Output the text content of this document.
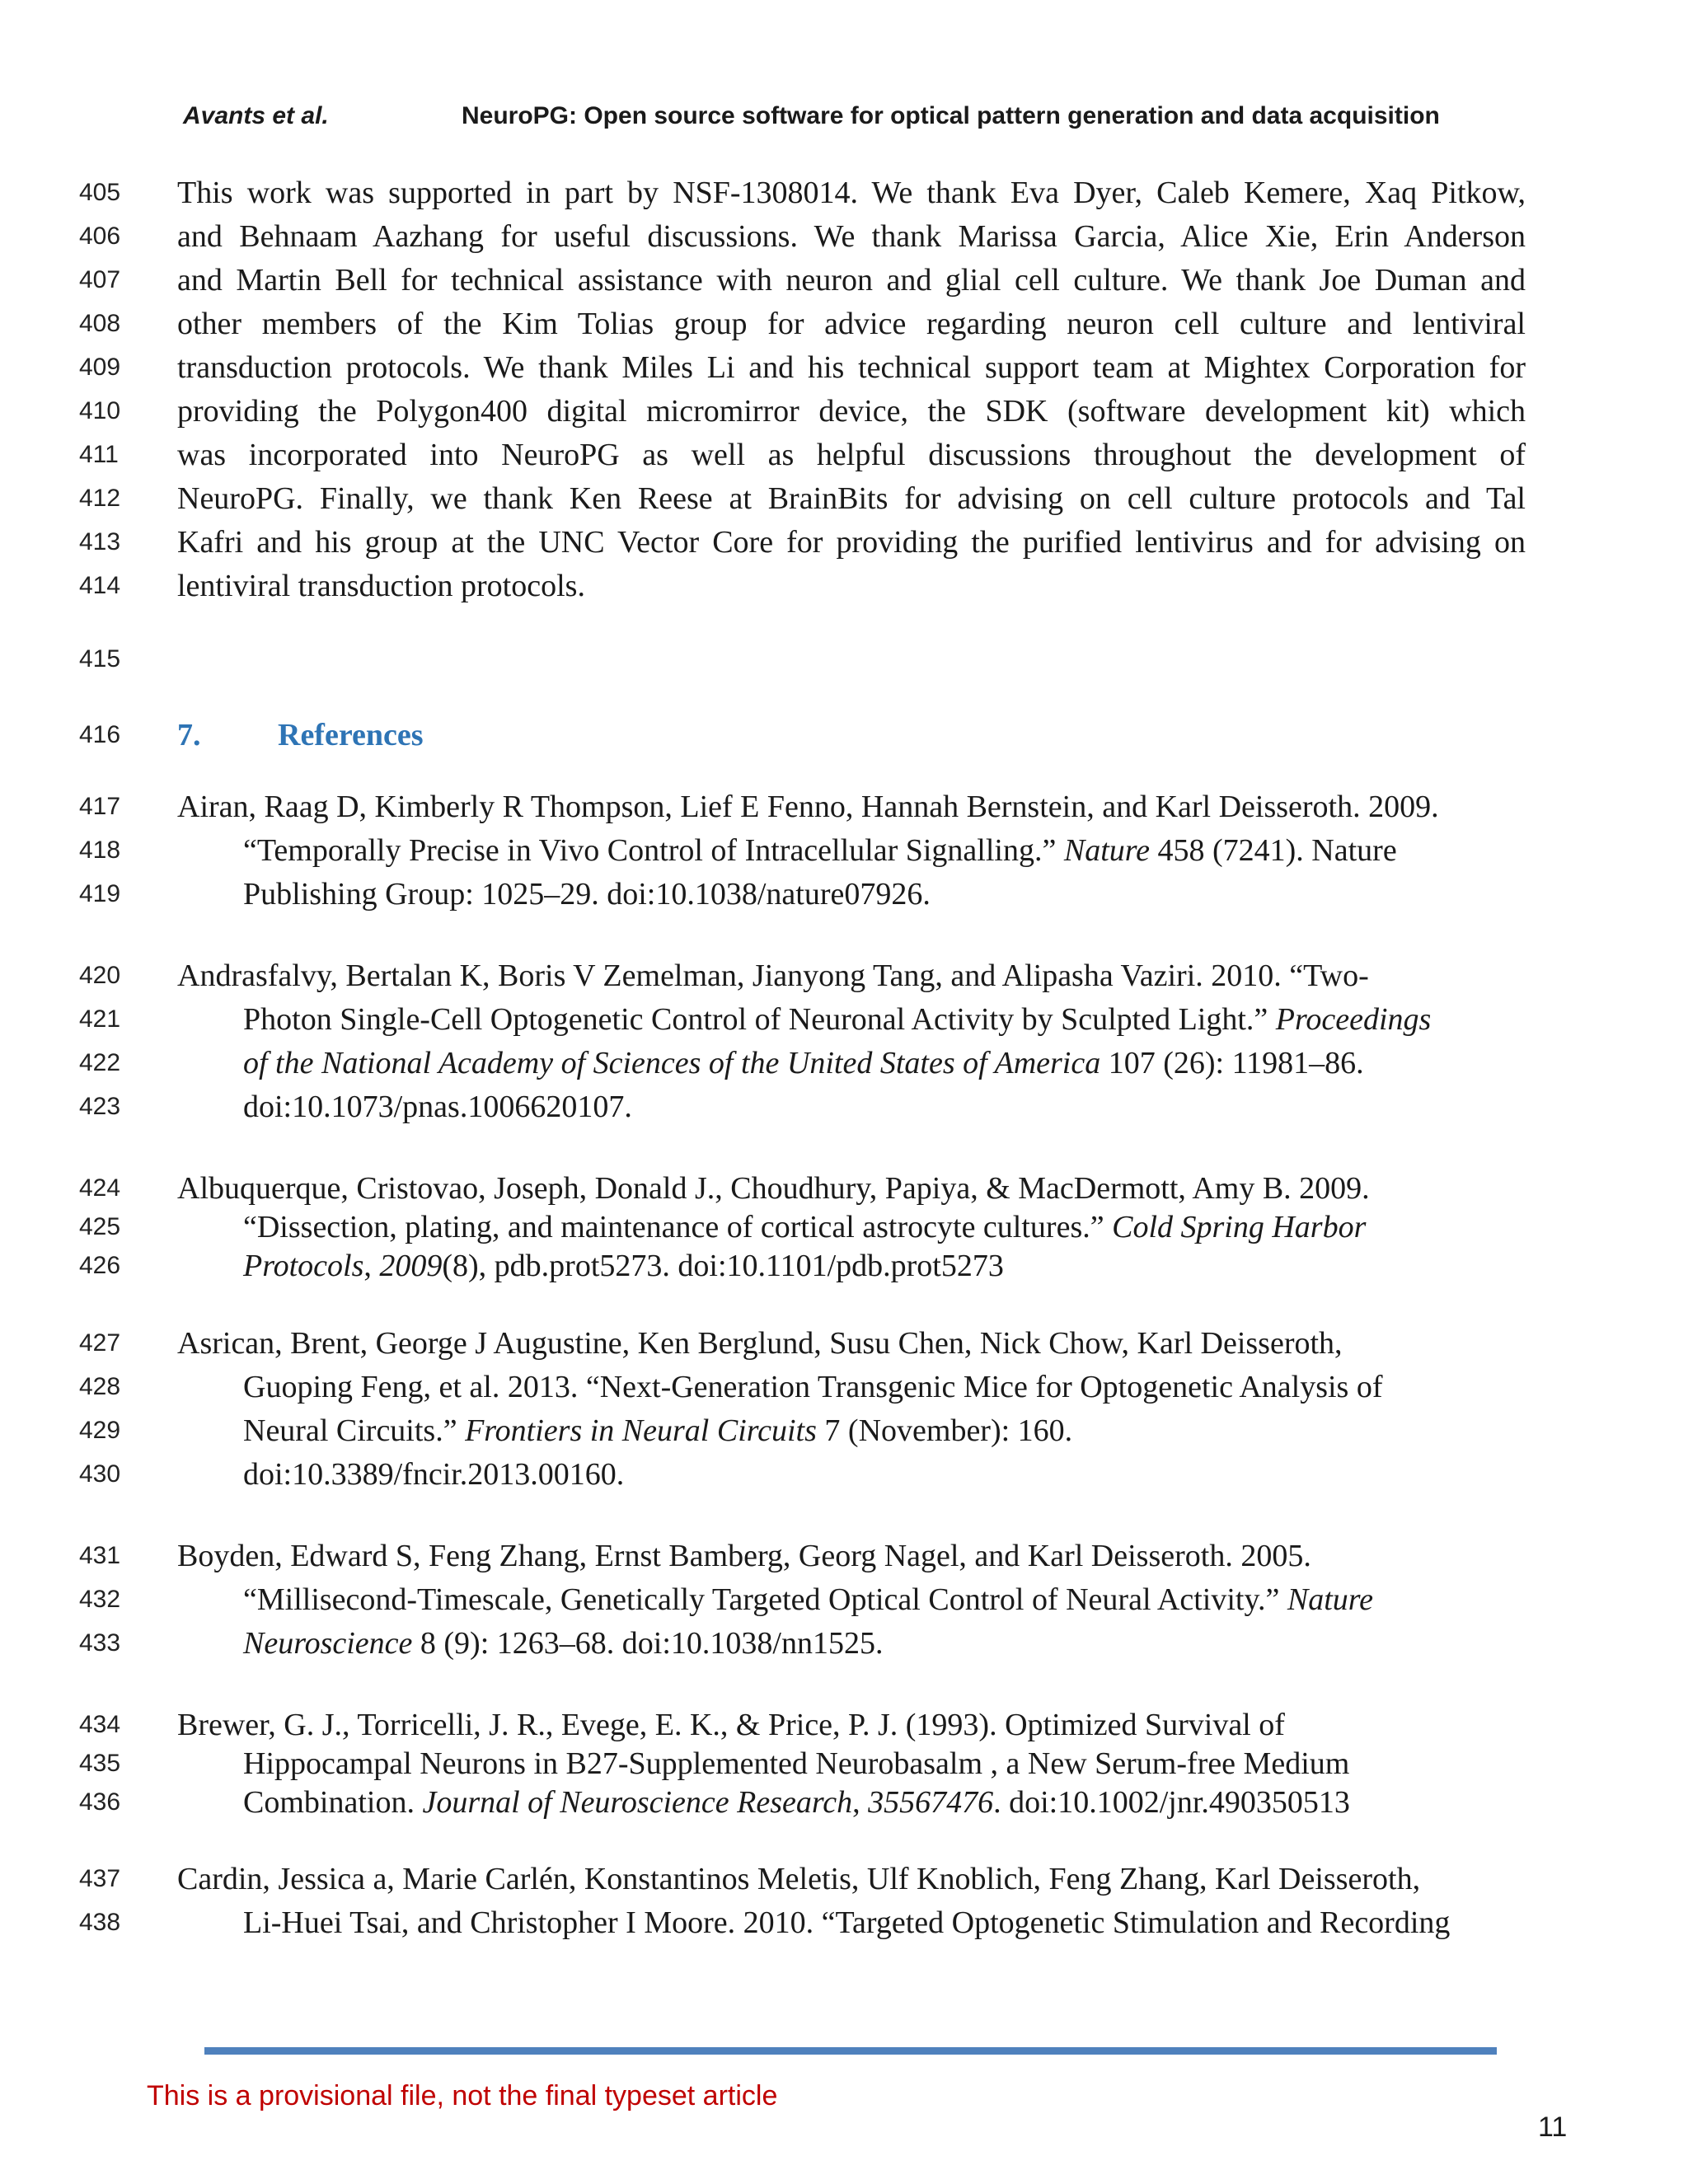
Avants et al.	NeuroPG: Open source software for optical pattern generation and data acquisition
405 This work was supported in part by NSF-1308014. We thank Eva Dyer, Caleb Kemere, Xaq Pitkow,
406 and Behnaam Aazhang for useful discussions. We thank Marissa Garcia, Alice Xie, Erin Anderson
407 and Martin Bell for technical assistance with neuron and glial cell culture. We thank Joe Duman and
408 other members of the Kim Tolias group for advice regarding neuron cell culture and lentiviral
409 transduction protocols. We thank Miles Li and his technical support team at Mightex Corporation for
410 providing the Polygon400 digital micromirror device, the SDK (software development kit) which
411	was incorporated into NeuroPG as well as helpful discussions throughout the development of
412 NeuroPG. Finally, we thank Ken Reese at BrainBits for advising on cell culture protocols and Tal
413 Kafri and his group at the UNC Vector Core for providing the purified lentivirus and for advising on
414 lentiviral transduction protocols.
415
416 7. References
417 Airan, Raag D, Kimberly R Thompson, Lief E Fenno, Hannah Bernstein, and Karl Deisseroth. 2009.
418	“Temporally Precise in Vivo Control of Intracellular Signalling.” Nature 458 (7241). Nature
419	Publishing Group: 1025–29. doi:10.1038/nature07926.
420 Andrasfalvy, Bertalan K, Boris V Zemelman, Jianyong Tang, and Alipasha Vaziri. 2010. “Two-
421	Photon Single-Cell Optogenetic Control of Neuronal Activity by Sculpted Light.” Proceedings
422	of the National Academy of Sciences of the United States of America 107 (26): 11981–86.
423	doi:10.1073/pnas.1006620107.
424 Albuquerque, Cristovao, Joseph, Donald J., Choudhury, Papiya, & MacDermott, Amy B. 2009.
425	“Dissection, plating, and maintenance of cortical astrocyte cultures.” Cold Spring Harbor
426	Protocols, 2009(8), pdb.prot5273. doi:10.1101/pdb.prot5273
427 Asrican, Brent, George J Augustine, Ken Berglund, Susu Chen, Nick Chow, Karl Deisseroth,
428	Guoping Feng, et al. 2013. “Next-Generation Transgenic Mice for Optogenetic Analysis of
429	Neural Circuits.” Frontiers in Neural Circuits 7 (November): 160.
430	doi:10.3389/fncir.2013.00160.
431 Boyden, Edward S, Feng Zhang, Ernst Bamberg, Georg Nagel, and Karl Deisseroth. 2005.
432	“Millisecond-Timescale, Genetically Targeted Optical Control of Neural Activity.” Nature
433	Neuroscience 8 (9): 1263–68. doi:10.1038/nn1525.
434 Brewer, G. J., Torricelli, J. R., Evege, E. K., & Price, P. J. (1993). Optimized Survival of
435	Hippocampal Neurons in B27-Supplemented Neurobasalm , a New Serum-free Medium
436	Combination. Journal of Neuroscience Research, 35567476. doi:10.1002/jnr.490350513
437 Cardin, Jessica a, Marie Carlén, Konstantinos Meletis, Ulf Knoblich, Feng Zhang, Karl Deisseroth,
438	Li-Huei Tsai, and Christopher I Moore. 2010. “Targeted Optogenetic Stimulation and Recording
This is a provisional file, not the final typeset article
11
